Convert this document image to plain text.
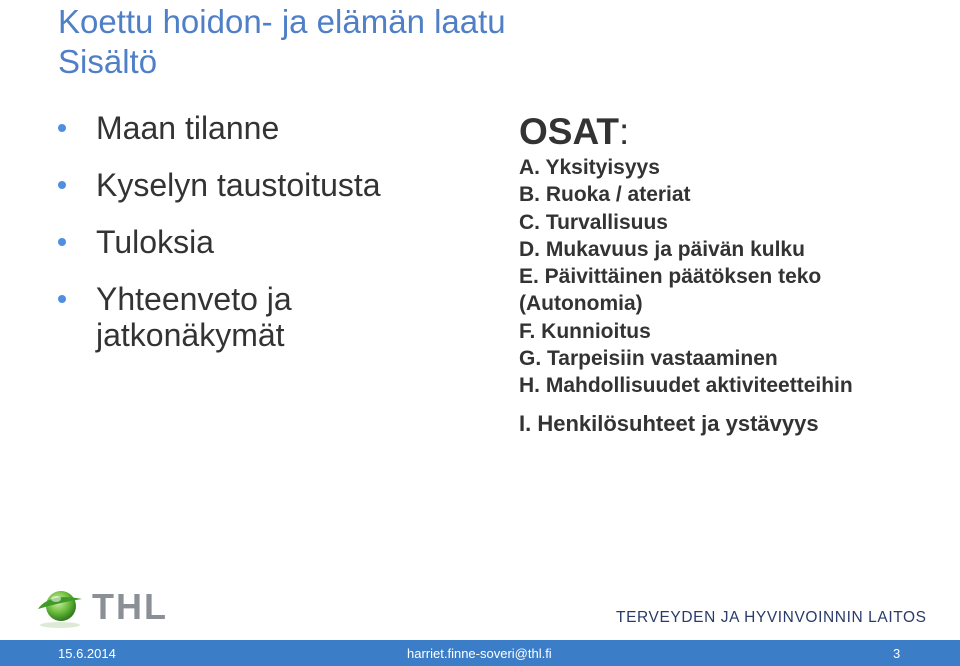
Koettu hoidon- ja elämän laatu
Sisältö
Maan tilanne
Kyselyn taustoitusta
Tuloksia
Yhteenveto ja
jatkonäkymät
OSAT:
A. Yksityisyys
B. Ruoka / ateriat
C. Turvallisuus
D. Mukavuus ja päivän kulku
E. Päivittäinen päätöksen teko
(Autonomia)
F. Kunnioitus
G. Tarpeisiin vastaaminen
H. Mahdollisuudet aktiviteetteihin
I. Henkilösuhteet ja ystävyys
THL	TERVEYDEN JA HYVINVOINNIN LAITOS
15.6.2014	harriet.finne-soveri@thl.fi	3
